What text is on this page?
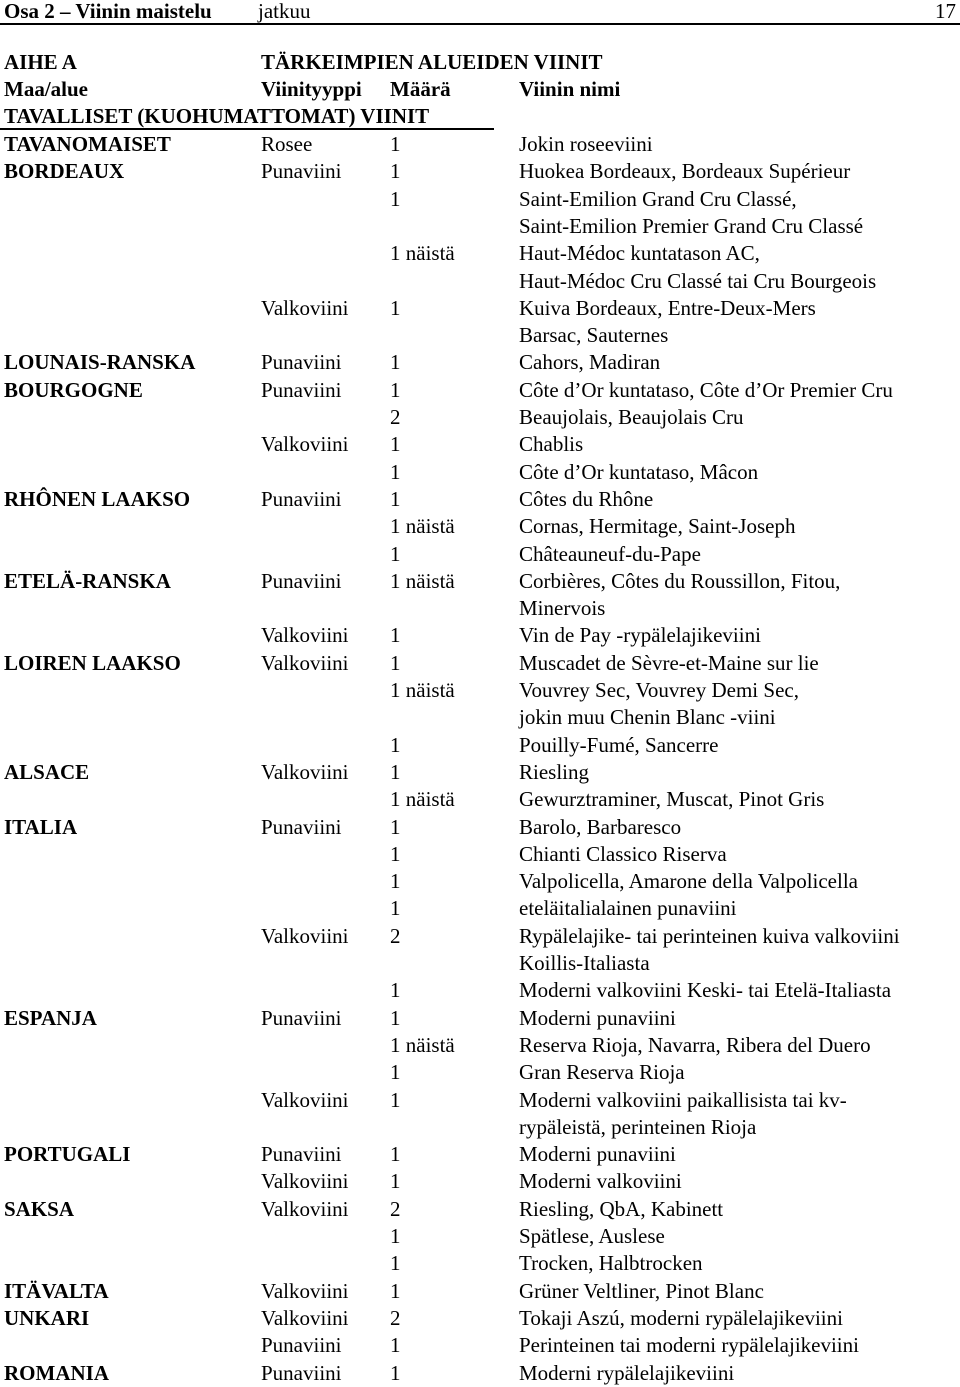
Osa 2 – Viinin maistelu jatkuu	17
AIHE A	TÄRKEIMPIEN ALUEIDEN VIINIT
Maa/alue	Viinityyppi Määrä	Viinin nimi
TAVALLISET (KUOHUMATTOMAT) VIINIT
TAVANOMAISET	Rosee	1	Jokin roseeviini
BORDEAUX	Punaviini 1	Huokea Bordeaux, Bordeaux Supérieur
1	Saint-Emilion Grand Cru Classé,
Saint-Emilion Premier Grand Cru Classé
1 näistä	Haut-Médoc kuntatason AC,
Haut-Médoc Cru Classé tai Cru Bourgeois
Valkoviini 1	Kuiva Bordeaux, Entre-Deux-Mers
Barsac, Sauternes
LOUNAIS-RANSKA	Punaviini 1	Cahors, Madiran
BOURGOGNE	Punaviini 1	Côte d’Or kuntataso, Côte d’Or Premier Cru
2	Beaujolais, Beaujolais Cru
Valkoviini 1	Chablis
1	Côte d’Or kuntataso, Mâcon
RHÔNEN LAAKSO	Punaviini 1	Côtes du Rhône
1 näistä	Cornas, Hermitage, Saint-Joseph
1	Châteauneuf-du-Pape
ETELÄ-RANSKA	Punaviini 1 näistä	Corbières, Côtes du Roussillon, Fitou,
Minervois
Valkoviini 1	Vin de Pay -rypälelajikeviini
LOIREN LAAKSO	Valkoviini 1	Muscadet de Sèvre-et-Maine sur lie
1 näistä	Vouvrey Sec, Vouvrey Demi Sec,
jokin muu Chenin Blanc -viini
1	Pouilly-Fumé, Sancerre
ALSACE	Valkoviini 1	Riesling
1 näistä	Gewurztraminer, Muscat, Pinot Gris
ITALIA	Punaviini 1	Barolo, Barbaresco
1	Chianti Classico Riserva
1	Valpolicella, Amarone della Valpolicella
1	eteläitalialainen punaviini
Valkoviini 2	Rypälelajike- tai perinteinen kuiva valkoviini
Koillis-Italiasta
1	Moderni valkoviini Keski- tai Etelä-Italiasta
ESPANJA	Punaviini 1	Moderni punaviini
1 näistä	Reserva Rioja, Navarra, Ribera del Duero
1	Gran Reserva Rioja
Valkoviini 1	Moderni valkoviini paikallisista tai kv-
rypäleistä, perinteinen Rioja
PORTUGALI	Punaviini 1	Moderni punaviini
Valkoviini 1	Moderni valkoviini
SAKSA	Valkoviini 2	Riesling, QbA, Kabinett
1	Spätlese, Auslese
1	Trocken, Halbtrocken
ITÄVALTA	Valkoviini 1	Grüner Veltliner, Pinot Blanc
UNKARI	Valkoviini 2	Tokaji Aszú, moderni rypälelajikeviini
Punaviini 1	Perinteinen tai moderni rypälelajikeviini
ROMANIA	Punaviini 1	Moderni rypälelajikeviini
